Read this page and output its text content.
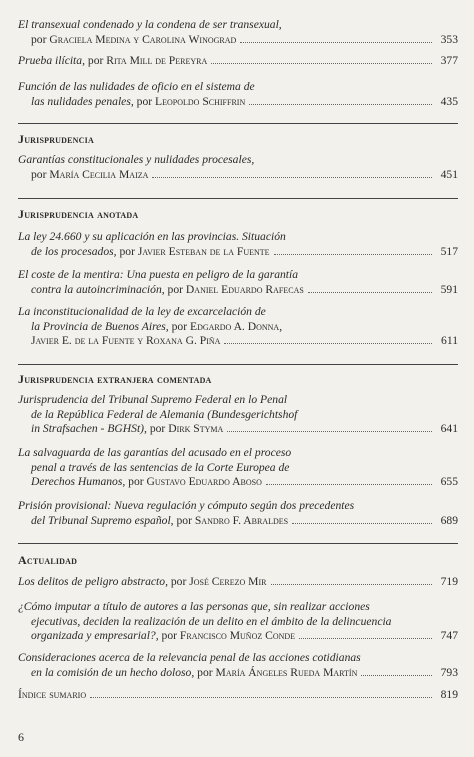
El transexual condenado y la condena de ser transexual,
por
Graciela Medina y Carolina Winograd	353
Prueba ilícita,
por
Rita Mill de Pereyra	377
Función de las nulidades de oficio en el sistema de
las nulidades penales,
por
Leopoldo Schiffrin	435
Jurisprudencia
Garantías constitucionales y nulidades procesales,
por
María Cecilia Maiza	451
Jurisprudencia anotada
La ley 24.660 y su aplicación en las provincias. Situación
de los procesados,
por
Javier Esteban de la Fuente	517
El coste de la mentira: Una puesta en peligro de la garantía
contra la autoincriminación,
por
Daniel Eduardo Rafecas	591
La inconstitucionalidad de la ley de excarcelación de
la Provincia de Buenos Aires, por Edgardo A. Donna,
Javier E. de la Fuente y Roxana G. Piña	611
Jurisprudencia extranjera comentada
Jurisprudencia del Tribunal Supremo Federal en lo Penal
de la República Federal de Alemania (Bundesgerichtshof
in Strafsachen - BGHSt),
por
Dirk Styma	641
La salvaguarda de las garantías del acusado en el proceso
penal a través de las sentencias de la Corte Europea de
Derechos Humanos,
por
Gustavo Eduardo Aboso	655
Prisión provisional: Nueva regulación y cómputo según dos precedentes
del Tribunal Supremo español,
por
Sandro F. Abraldes	689
Actualidad
Los delitos de peligro abstracto,
por
José Cerezo Mir	719
¿Cómo imputar a título de autores a las personas que, sin realizar acciones
ejecutivas, deciden la realización de un delito en el ámbito de la delincuencia
organizada y empresarial?,
por
Francisco Muñoz Conde	747
Consideraciones acerca de la relevancia penal de las acciones cotidianas
en la comisión de un hecho doloso,
por
María Ángeles Rueda Martín	793
Índice sumario	819
6
